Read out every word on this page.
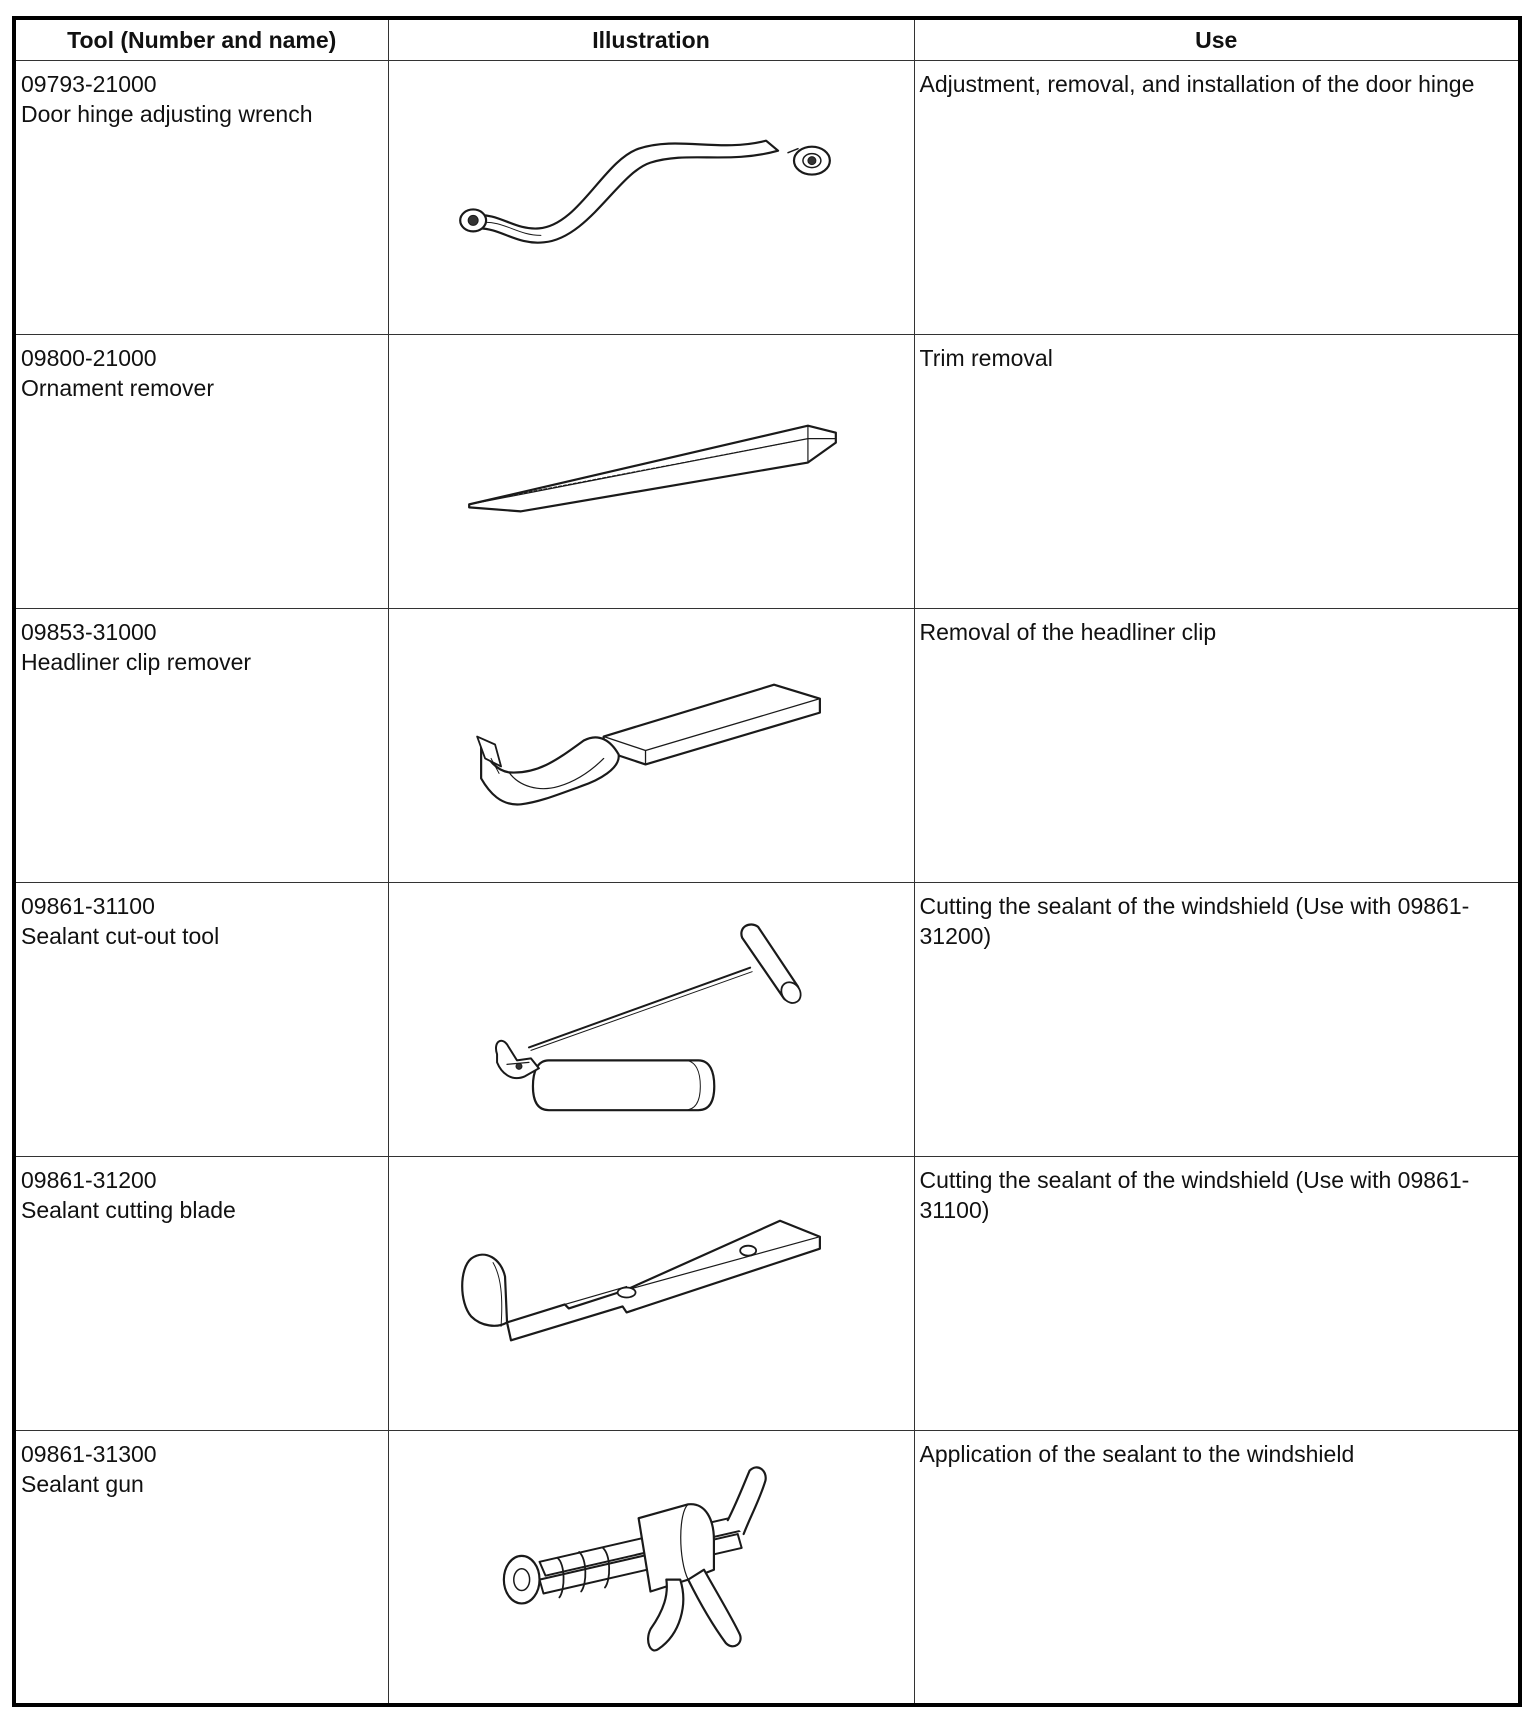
Tool (Number and name)	Illustration	Use

09793-21000
Door hinge adjusting wrench		Adjustment, removal, and installation of the door hinge

09800-21000
Ornament remover		Trim removal

09853-31000
Headliner clip remover		Removal of the headliner clip

09861-31100
Sealant cut-out tool		Cutting the sealant of the windshield (Use with 09861-31200)

09861-31200
Sealant cutting blade		Cutting the sealant of the windshield (Use with 09861-31100)

09861-31300
Sealant gun		Application of the sealant to the windshield
